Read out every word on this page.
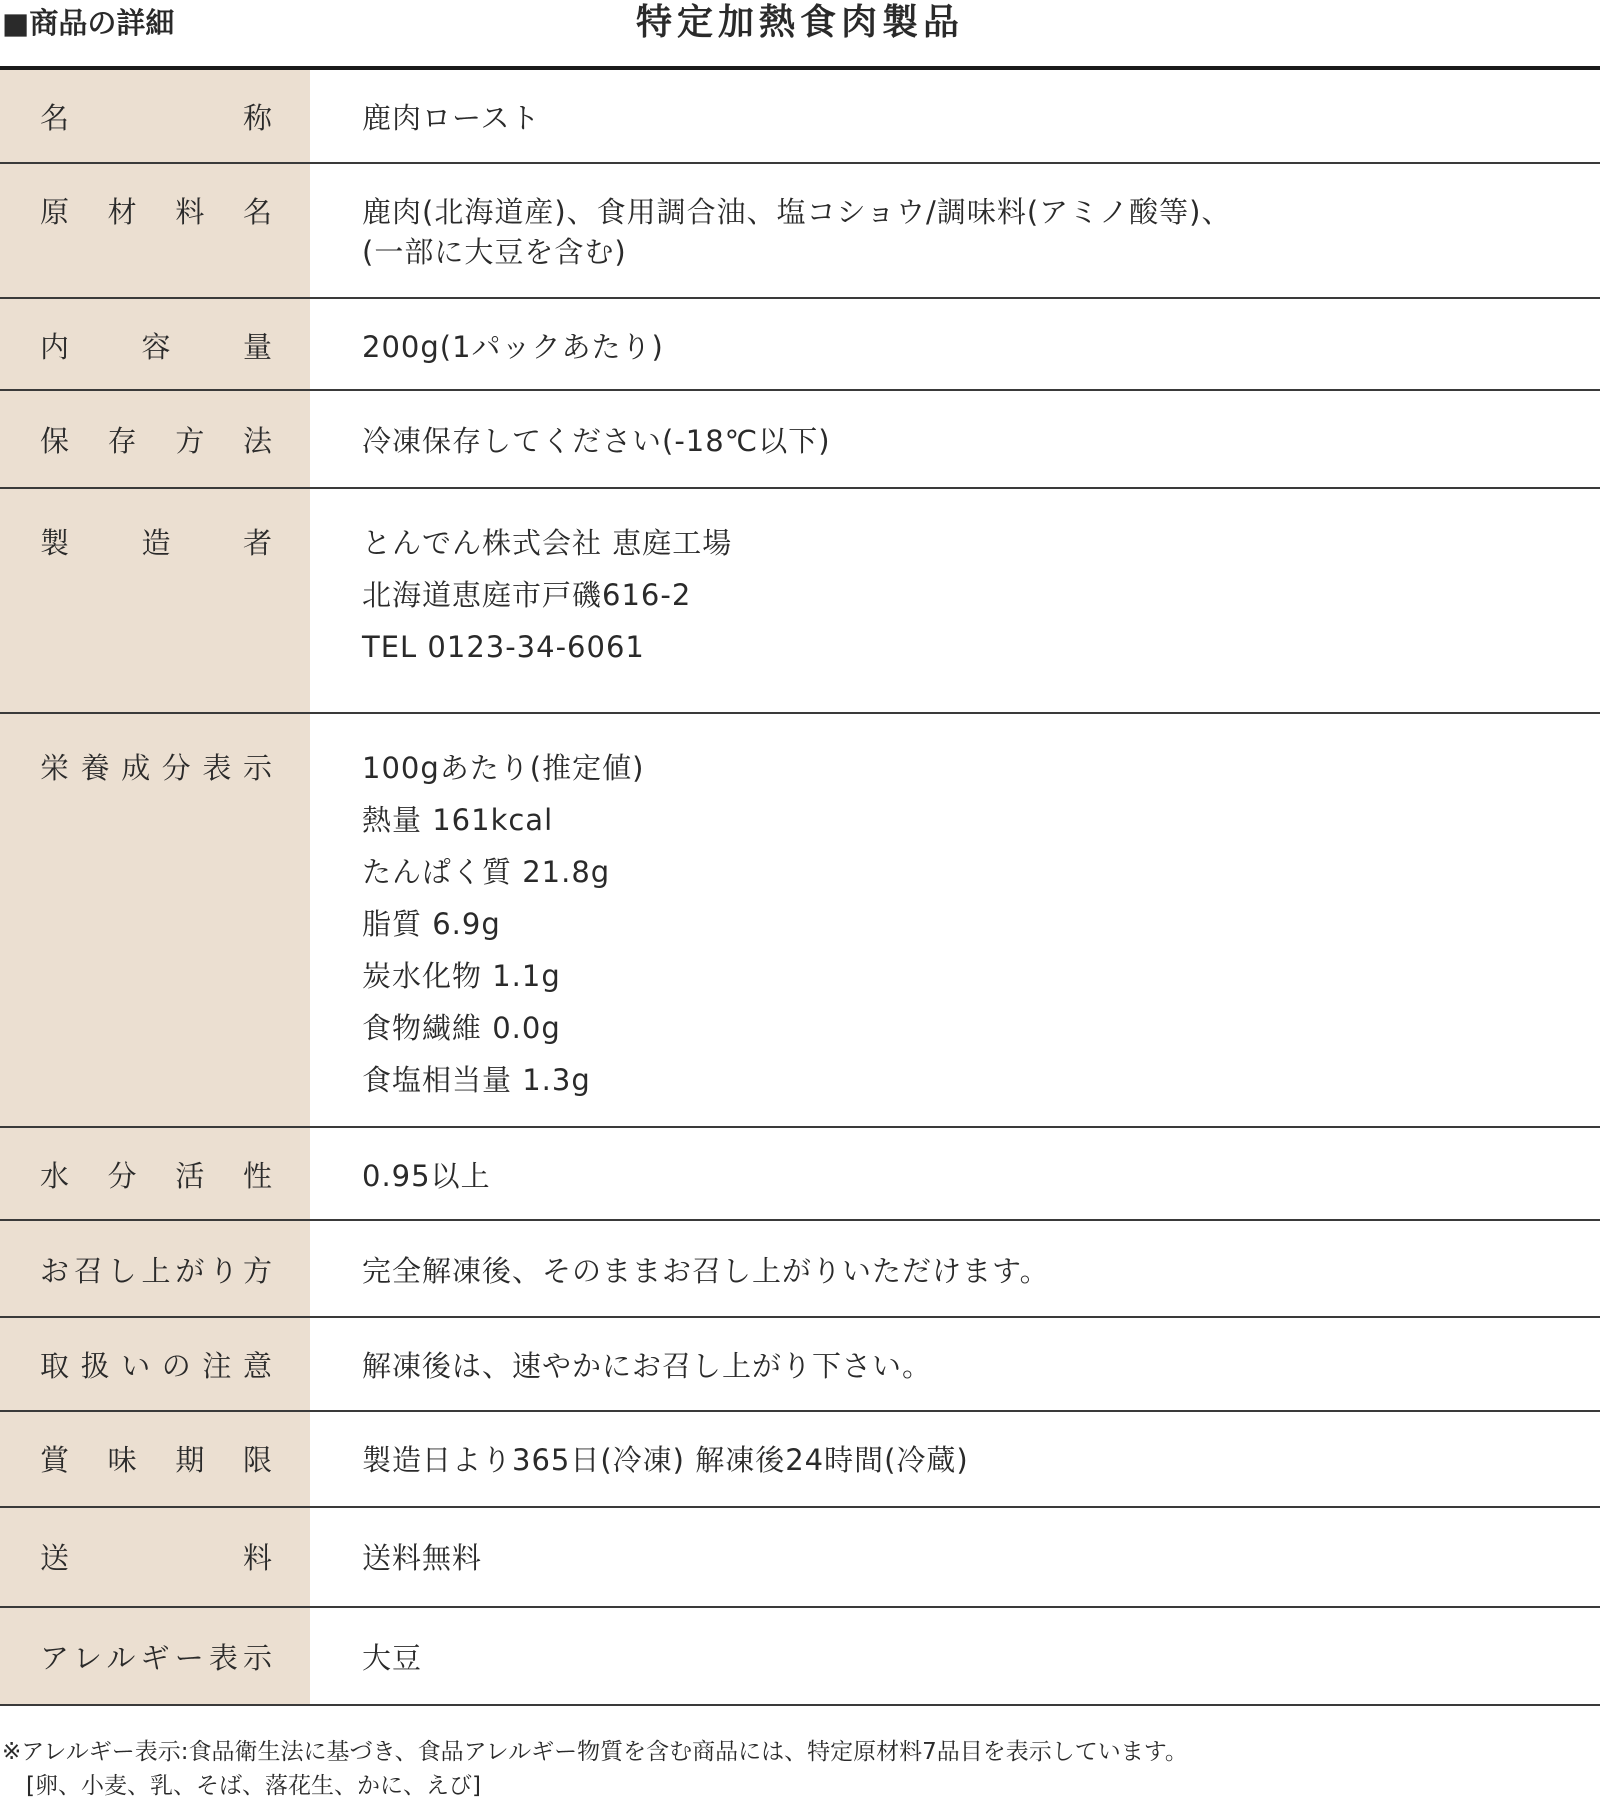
■商品の詳細	特定加熱食肉製品
名称	鹿肉ロースト
原材料名	鹿肉(北海道産)、食用調合油、塩コショウ/調味料(アミノ酸等)、
(一部に大豆を含む)
内容量	200g(1パックあたり)
保存方法	冷凍保存してください(-18℃以下)
製造者	とんでん株式会社 恵庭工場
北海道恵庭市戸磯616-2
TEL 0123-34-6061
栄養成分表示	100gあたり(推定値)
熱量 161kcal
たんぱく質 21.8g
脂質 6.9g
炭水化物 1.1g
食物繊維 0.0g
食塩相当量 1.3g
水分活性	0.95以上
お召し上がり方	完全解凍後、そのままお召し上がりいただけます。
取扱いの注意	解凍後は、速やかにお召し上がり下さい。
賞味期限	製造日より365日(冷凍) 解凍後24時間(冷蔵)
送料	送料無料
アレルギー表示	大豆
※アレルギー表示:食品衛生法に基づき、食品アレルギー物質を含む商品には、特定原材料7品目を表示しています。
[卵、小麦、乳、そば、落花生、かに、えび]
